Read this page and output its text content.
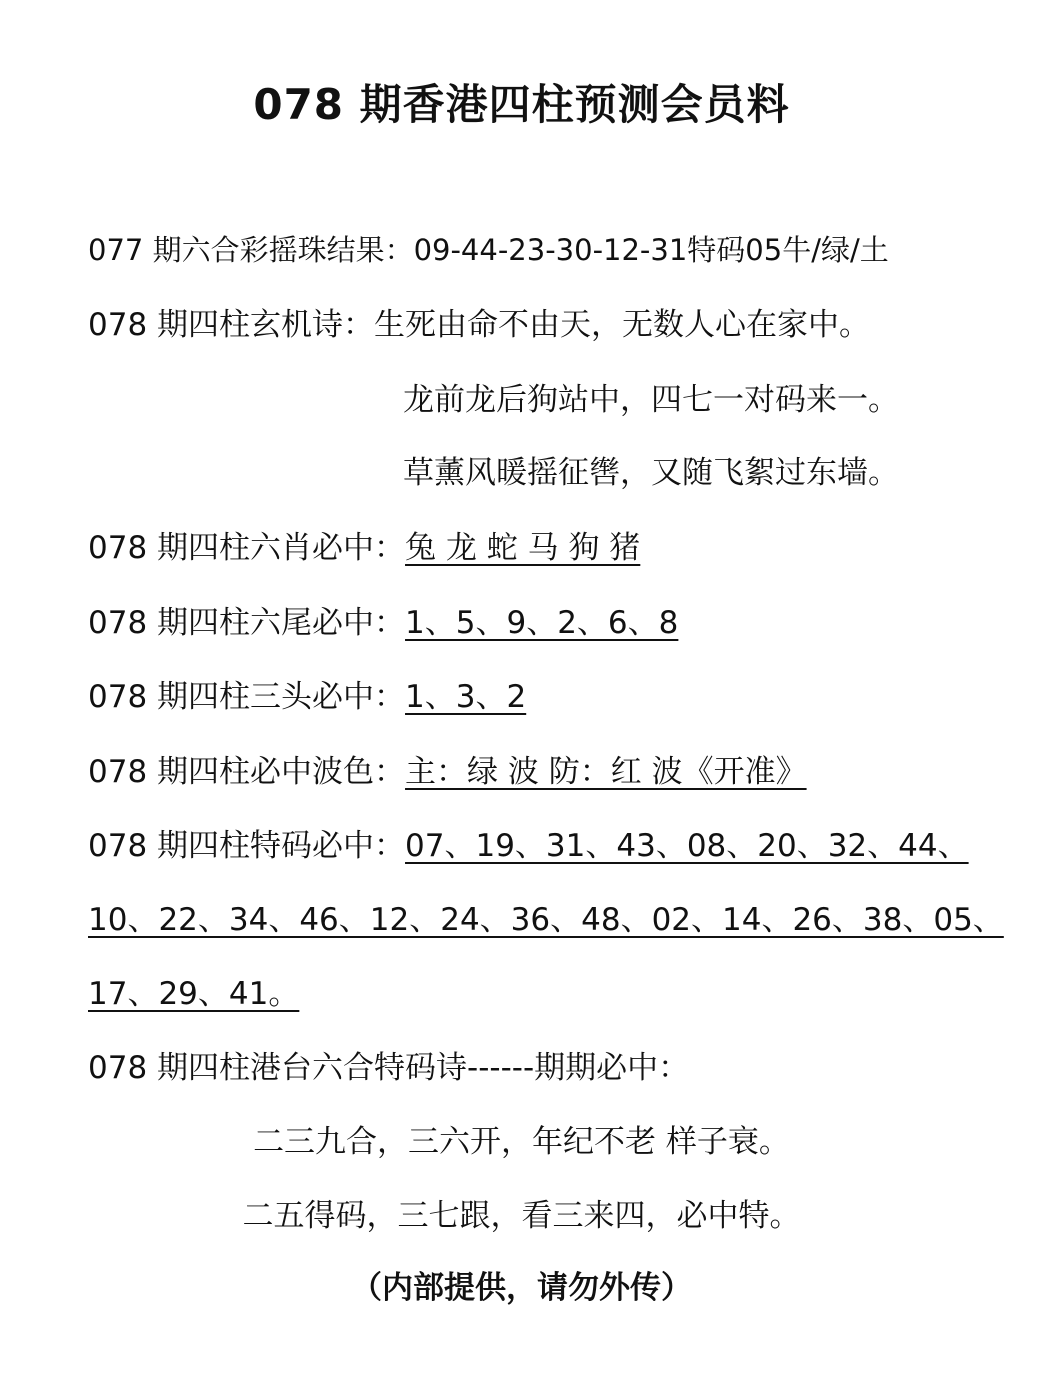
078 期香港四柱预测会员料
077 期六合彩摇珠结果：09-44-23-30-12-31特码05牛/绿/土
078 期四柱玄机诗：生死由命不由天，无数人心在家中。
龙前龙后狗站中，四七一对码来一。
草薰风暖摇征辔，又随飞絮过东墙。
078 期四柱六肖必中：兔 龙 蛇 马 狗 猪
078 期四柱六尾必中：1、5、9、2、6、8
078 期四柱三头必中：1、3、2
078 期四柱必中波色：主：绿 波 防：红 波《开准》
078 期四柱特码必中：07、19、31、43、08、20、32、44、
10、22、34、46、12、24、36、48、02、14、26、38、05、
17、29、41。
078 期四柱港台六合特码诗------期期必中：
二三九合，三六开，年纪不老 样子衰。
二五得码，三七跟，看三来四，必中特。
（内部提供，请勿外传）
